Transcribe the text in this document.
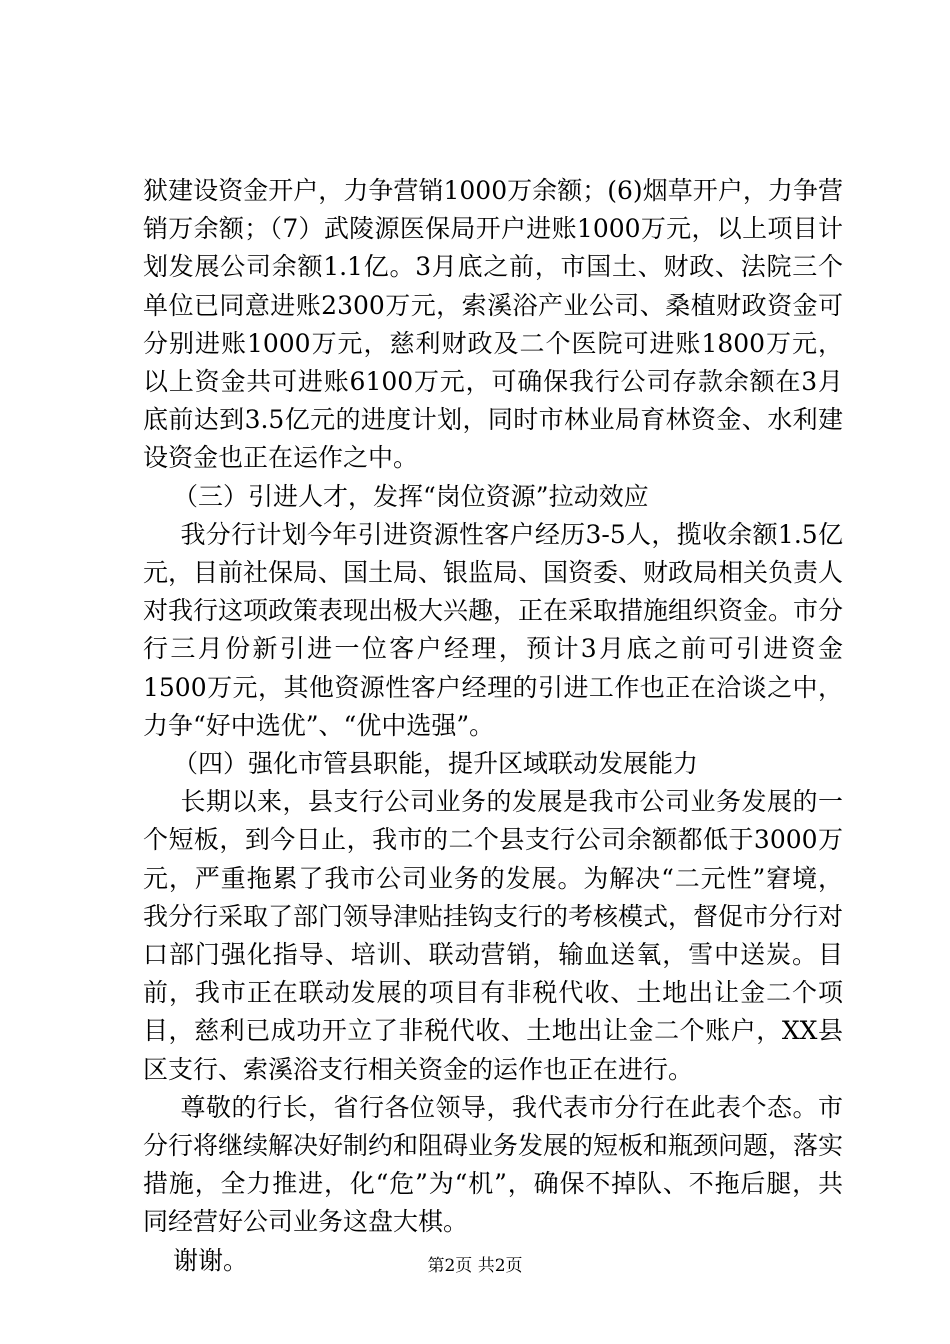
狱建设资金开户，力争营销1000万余额；(6)烟草开户，力争营销万余额；（7）武陵源医保局开户进账1000万元，以上项目计划发展公司余额1.1亿。3月底之前，市国土、财政、法院三个单位已同意进账2300万元，索溪浴产业公司、桑植财政资金可分别进账1000万元，慈利财政及二个医院可进账1800万元，以上资金共可进账6100万元，可确保我行公司存款余额在3月底前达到3.5亿元的进度计划，同时市林业局育林资金、水利建设资金也正在运作之中。

（三）引进人才，发挥“岗位资源”拉动效应

我分行计划今年引进资源性客户经历3-5人，揽收余额1.5亿元，目前社保局、国土局、银监局、国资委、财政局相关负责人对我行这项政策表现出极大兴趣，正在采取措施组织资金。市分行三月份新引进一位客户经理，预计3月底之前可引进资金1500万元，其他资源性客户经理的引进工作也正在洽谈之中，力争“好中选优”、“优中选强”。

（四）强化市管县职能，提升区域联动发展能力

长期以来，县支行公司业务的发展是我市公司业务发展的一个短板，到今日止，我市的二个县支行公司余额都低于3000万元，严重拖累了我市公司业务的发展。为解决“二元性”窘境，我分行采取了部门领导津贴挂钩支行的考核模式，督促市分行对口部门强化指导、培训、联动营销，输血送氧，雪中送炭。目前，我市正在联动发展的项目有非税代收、土地出让金二个项目，慈利已成功开立了非税代收、土地出让金二个账户，XX县区支行、索溪浴支行相关资金的运作也正在进行。

尊敬的行长，省行各位领导，我代表市分行在此表个态。市分行将继续解决好制约和阻碍业务发展的短板和瓶颈问题，落实措施，全力推进，化“危”为“机”，确保不掉队、不拖后腿，共同经营好公司业务这盘大棋。

谢谢。	第2页 共2页
